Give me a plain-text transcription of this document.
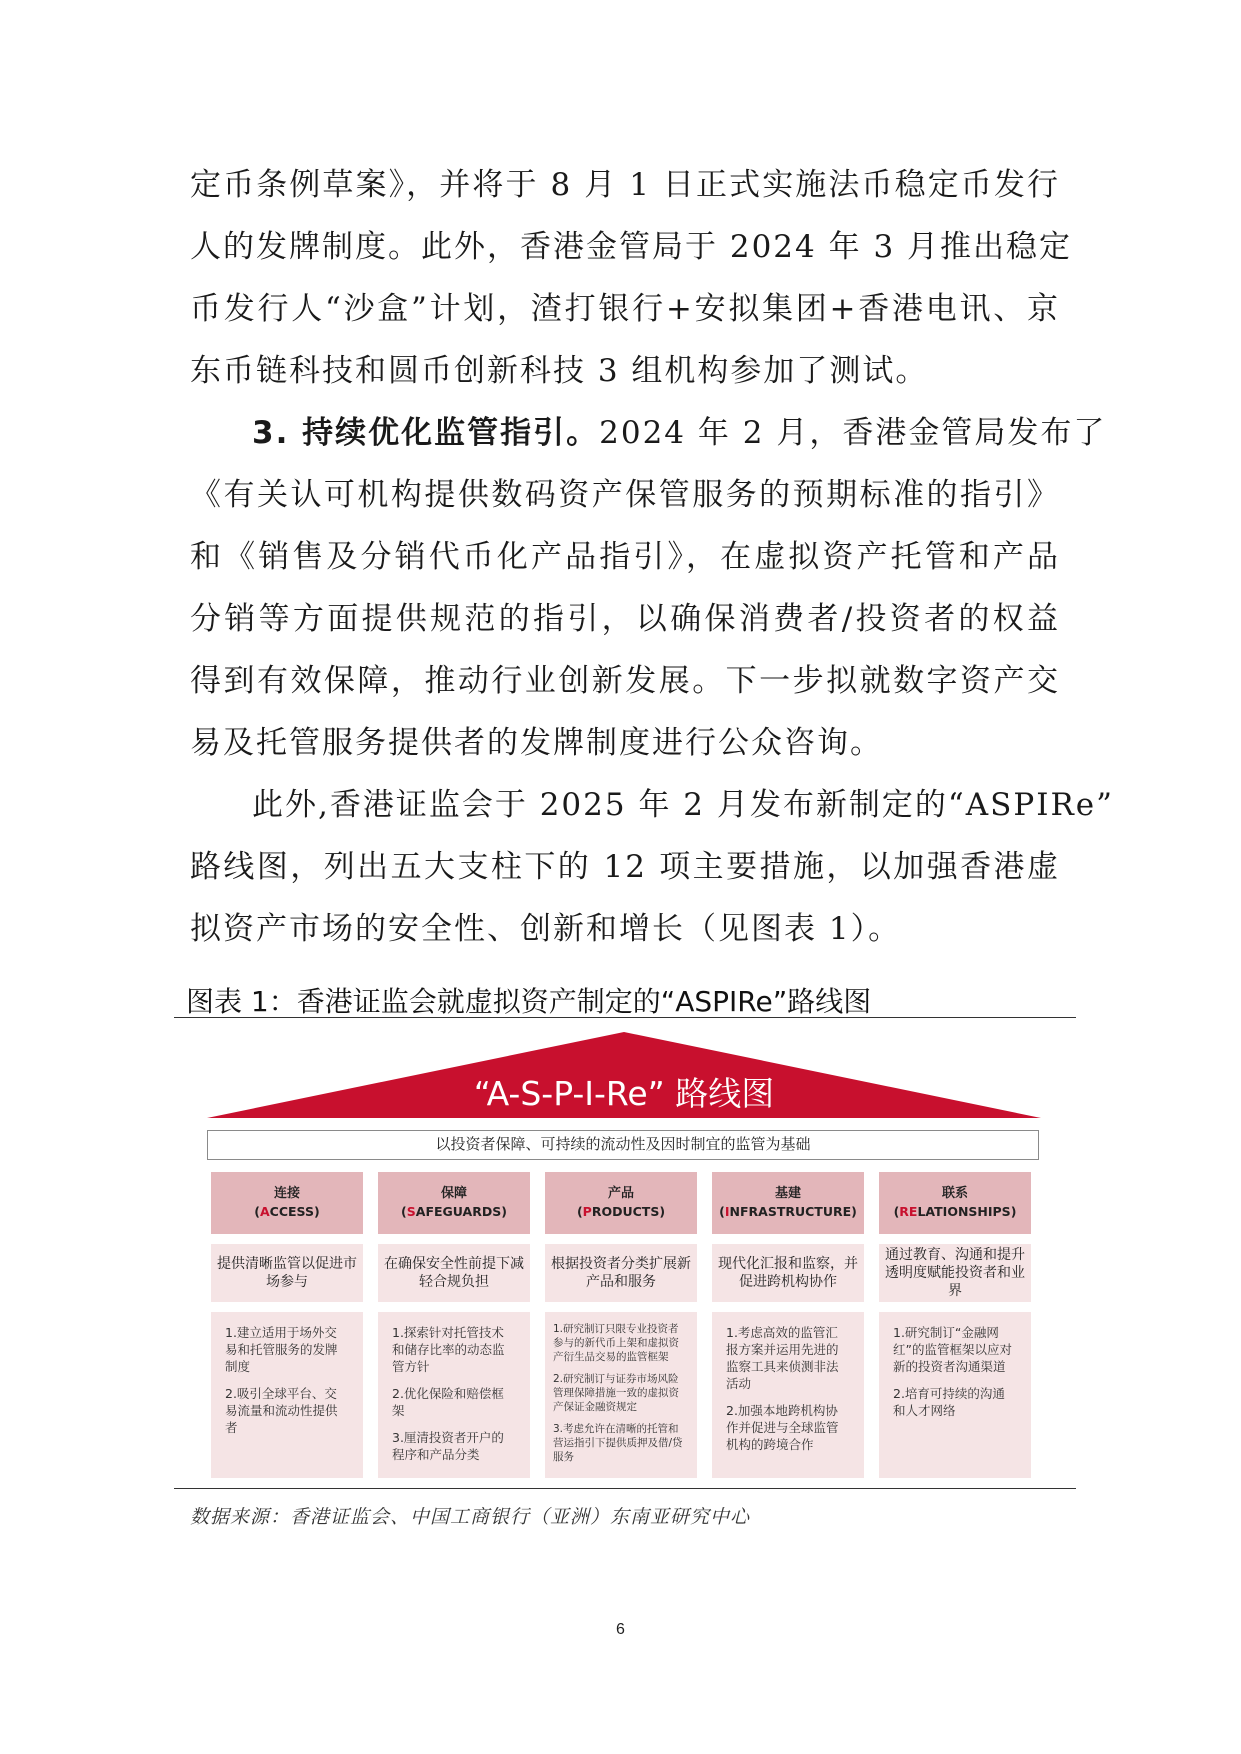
定币条例草案》，并将于 8 月 1 日正式实施法币稳定币发行
人的发牌制度。此外，香港金管局于 2024 年 3 月推出稳定
币发行人“沙盒”计划，渣打银行+安拟集团+香港电讯、京
东币链科技和圆币创新科技 3 组机构参加了测试。
3. 持续优化监管指引。2024 年 2 月，香港金管局发布了
《有关认可机构提供数码资产保管服务的预期标准的指引》
和《销售及分销代币化产品指引》，在虚拟资产托管和产品
分销等方面提供规范的指引，以确保消费者/投资者的权益
得到有效保障，推动行业创新发展。下一步拟就数字资产交
易及托管服务提供者的发牌制度进行公众咨询。
此外,香港证监会于 2025 年 2 月发布新制定的“ASPIRe”
路线图，列出五大支柱下的 12 项主要措施，以加强香港虚
拟资产市场的安全性、创新和增长（见图表 1）。
图表 1：香港证监会就虚拟资产制定的“ASPIRe”路线图
“A-S-P-I-Re” 路线图
以投资者保障、可持续的流动性及因时制宜的监管为基础
连接
(ACCESS)
提供清晰监管以促进市场参与
1.建立适用于场外交易和托管服务的发牌制度
2.吸引全球平台、交易流量和流动性提供者
保障
(SAFEGUARDS)
在确保安全性前提下减轻合规负担
1.探索针对托管技术和储存比率的动态监管方针
2.优化保险和赔偿框架
3.厘清投资者开户的程序和产品分类
产品
(PRODUCTS)
根据投资者分类扩展新产品和服务
1.研究制订只限专业投资者参与的新代币上架和虚拟资产衍生品交易的监管框架
2.研究制订与证券市场风险管理保障措施一致的虚拟资产保证金融资规定
3.考虑允许在清晰的托管和营运指引下提供质押及借/贷服务
基建
(INFRASTRUCTURE)
现代化汇报和监察，并促进跨机构协作
1.考虑高效的监管汇报方案并运用先进的监察工具来侦测非法活动
2.加强本地跨机构协作并促进与全球监管机构的跨境合作
联系
(RELATIONSHIPS)
通过教育、沟通和提升透明度赋能投资者和业界
1.研究制订“金融网红”的监管框架以应对新的投资者沟通渠道
2.培育可持续的沟通和人才网络
数据来源：香港证监会、中国工商银行（亚洲）东南亚研究中心
6
